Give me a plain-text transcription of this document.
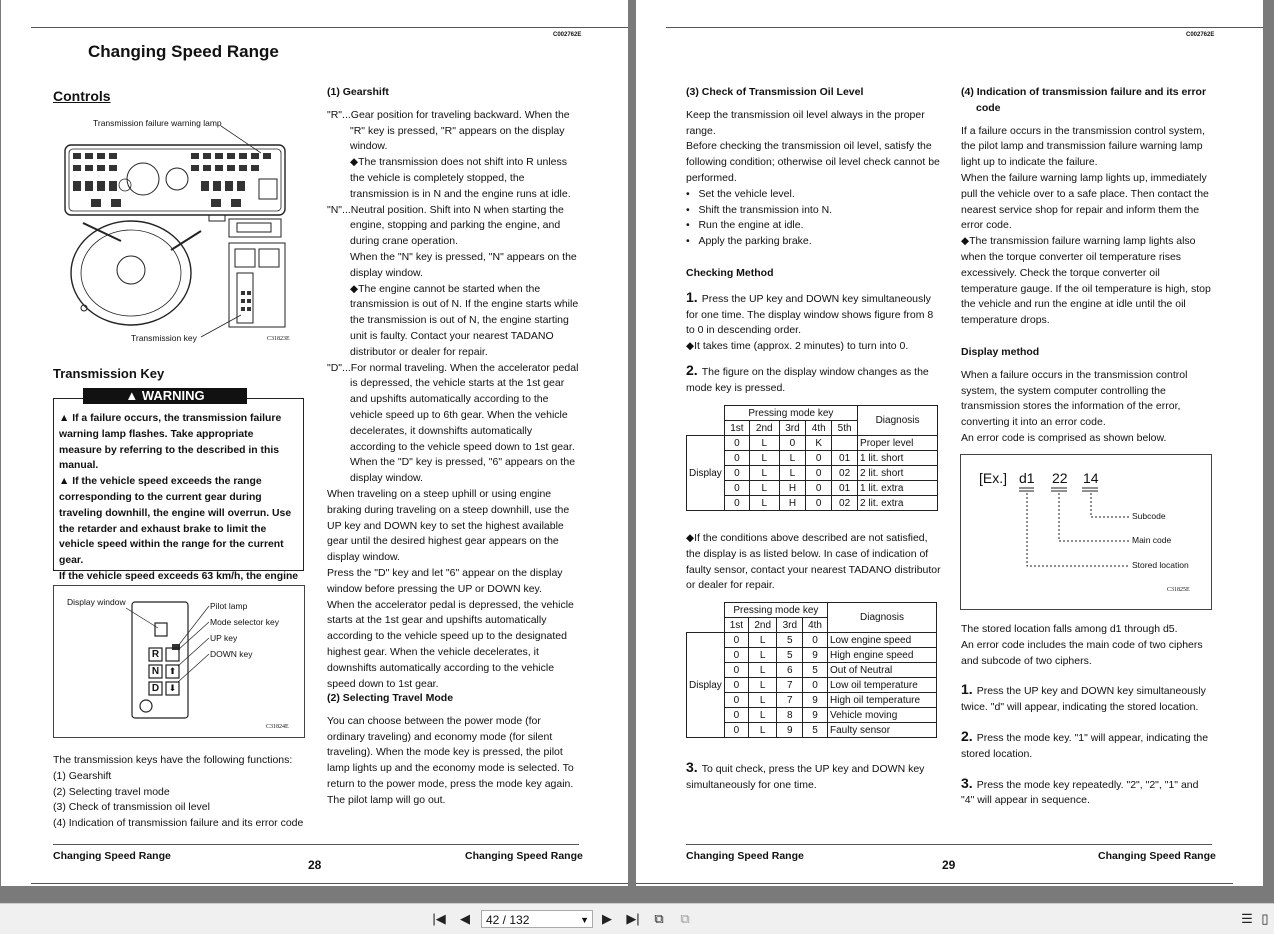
C002762E
Changing Speed Range
Controls
Transmission failure warning lamp
Transmission key	C31823E
Transmission Key

▲ If a failure occurs, the transmission failure warning lamp flashes. Take appropriate measure by referring to the described in this manual.

▲ If the vehicle speed exceeds the range corresponding to the current gear during traveling downhill, the engine will overrun. Use the retarder and exhaust brake to limit the vehicle speed within the range for the current gear.

If the vehicle speed exceeds 63 km/h, the engine

▲ WARNING
Display window	Pilot lamp
Mode selector key
UP key
DOWN key
R
N
D
⬆
⬇
C31824E

The transmission keys have the following functions:

(1) Gearshift

(2) Selecting travel mode

(3) Check of transmission oil level

(4) Indication of transmission failure and its error code

(1) Gearshift

"R"...Gear position for traveling backward. When the "R" key is pressed, "R" appears on the display window.

◆The transmission does not shift into R unless the vehicle is completely stopped, the transmission is in N and the engine runs at idle.

"N"...Neutral position. Shift into N when starting the engine, stopping and parking the engine, and during crane operation.

When the "N" key is pressed, "N" appears on the display window.

◆The engine cannot be started when the transmission is out of N. If the engine starts while the transmission is out of N, the engine starting unit is faulty. Contact your nearest TADANO distributor or dealer for repair.

"D"...For normal traveling. When the accelerator pedal is depressed, the vehicle starts at the 1st gear and upshifts automatically according to the vehicle speed up to 6th gear. When the vehicle decelerates, it downshifts automatically according to the vehicle speed down to 1st gear.

When the "D" key is pressed, "6" appears on the display window.

When traveling on a steep uphill or using engine braking during traveling on a steep downhill, use the UP key and DOWN key to set the highest available gear until the desired highest gear appears on the display window.

Press the "D" key and let "6" appear on the display window before pressing the UP or DOWN key.

When the accelerator pedal is depressed, the vehicle starts at the 1st gear and upshifts automatically according to the vehicle speed up to the designated highest gear. When the vehicle decelerates, it downshifts automatically according to the vehicle speed down to 1st gear.

(2) Selecting Travel Mode

You can choose between the power mode (for ordinary traveling) and economy mode (for silent traveling). When the mode key is pressed, the pilot lamp lights up and the economy mode is selected. To return to the power mode, press the mode key again. The pilot lamp will go out.

Changing Speed Range	Changing Speed Range
28
C002762E
(3) Check of Transmission Oil Level

Keep the transmission oil level always in the proper range.

Before checking the transmission oil level, satisfy the following condition; otherwise oil level check cannot be performed.

•   Set the vehicle level.

•   Shift the transmission into N.

•   Run the engine at idle.

•   Apply the parking brake.

Checking Method

1. Press the UP key and DOWN key simultaneously for one time. The display window shows figure from 8 to 0 in descending order.

◆It takes time (approx. 2 minutes) to turn into 0.

2. The figure on the display window changes as the mode key is pressed.

	Pressing mode key					Diagnosis
	1st	2nd	3rd	4th	5th	
Display	0	L	0	K		Proper level
	0	L	L	0	01	1 lit. short
	0	L	L	0	02	2 lit. short
	0	L	H	0	01	1 lit. extra
	0	L	H	0	02	2 lit. extra

◆If the conditions above described are not satisfied, the display is as listed below. In case of indication of faulty sensor, contact your nearest TADANO distributor or dealer for repair.

	Pressing mode key				Diagnosis
	1st	2nd	3rd	4th	
Display	0	L	5	0	Low engine speed
	0	L	5	9	High engine speed
	0	L	6	5	Out of Neutral
	0	L	7	0	Low oil temperature
	0	L	7	9	High oil temperature
	0	L	8	9	Vehicle moving
	0	L	9	5	Faulty sensor

3. To quit check, press the UP key and DOWN key simultaneously for one time.

(4) Indication of transmission failure and its error code

If a failure occurs in the transmission control system, the pilot lamp and transmission failure warning lamp light up to indicate the failure.

When the failure warning lamp lights up, immediately pull the vehicle over to a safe place. Then contact the nearest service shop for repair and inform them the error code.

◆The transmission failure warning lamp lights also when the torque converter oil temperature rises excessively. Check the torque converter oil temperature gauge. If the oil temperature is high, stop the vehicle and run the engine at idle until the oil temperature drops.

Display method

When a failure occurs in the transmission control system, the system computer controlling the transmission stores the information of the error, converting it into an error code.

An error code is comprised as shown below.

[Ex.] d1 22 14
Subcode
Main code
Stored location
C31825E

The stored location falls among d1 through d5.

An error code includes the main code of two ciphers and subcode of two ciphers.

1. Press the UP key and DOWN key simultaneously twice. "d" will appear, indicating the stored location.

2. Press the mode key. "1" will appear, indicating the stored location.

3. Press the mode key repeatedly. "2", "2", "1" and "4" will appear in sequence.

Changing Speed Range	Changing Speed Range
29
|◀	◀	42 / 132	▼	▶	▶|	⧉	⧉	☰ ▯
